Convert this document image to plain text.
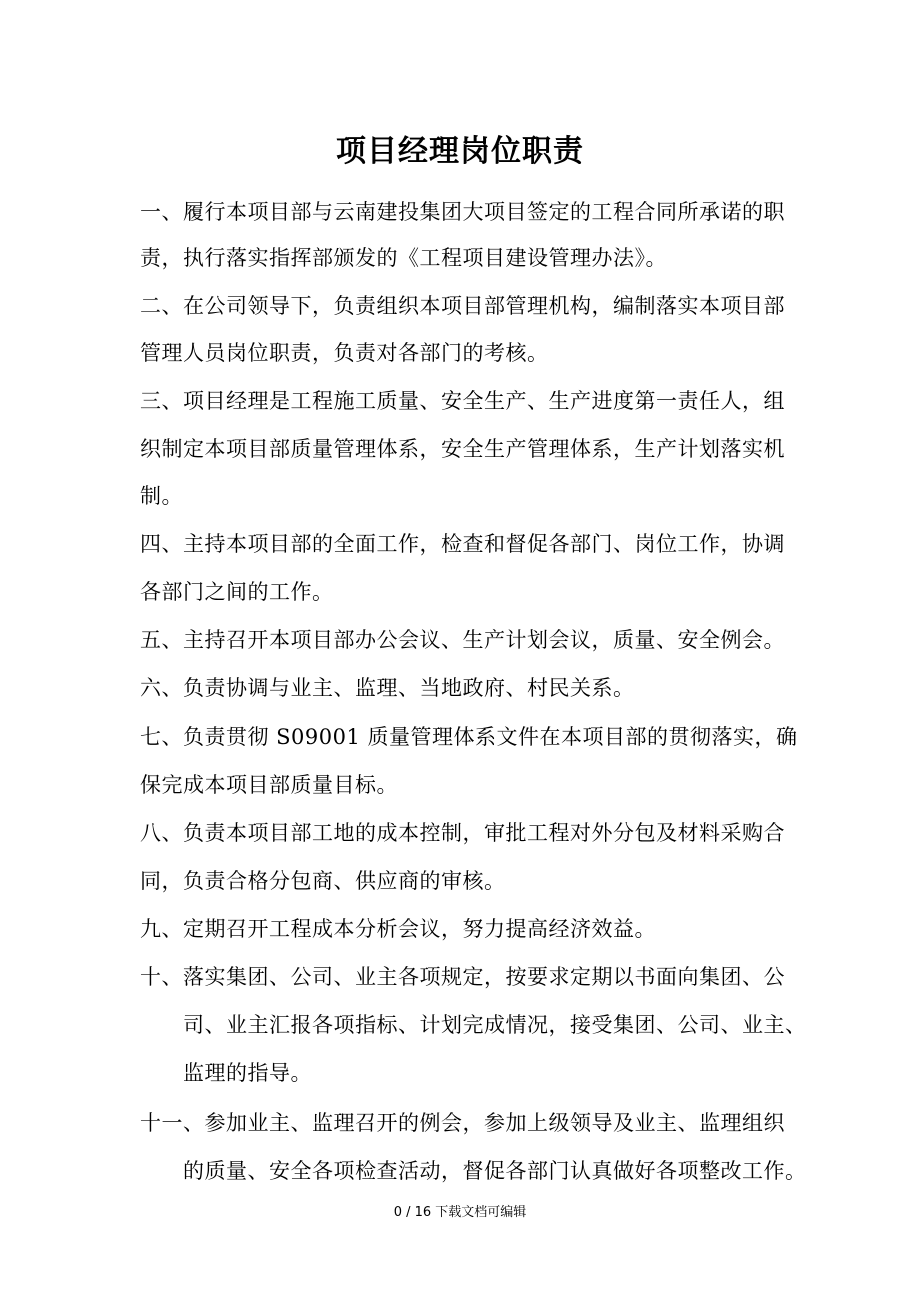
项目经理岗位职责
一、履行本项目部与云南建投集团大项目签定的工程合同所承诺的职
责，执行落实指挥部颁发的《工程项目建设管理办法》。
二、在公司领导下，负责组织本项目部管理机构，编制落实本项目部
管理人员岗位职责，负责对各部门的考核。
三、项目经理是工程施工质量、安全生产、生产进度第一责任人，组
织制定本项目部质量管理体系，安全生产管理体系，生产计划落实机
制。
四、主持本项目部的全面工作，检查和督促各部门、岗位工作，协调
各部门之间的工作。
五、主持召开本项目部办公会议、生产计划会议，质量、安全例会。
六、负责协调与业主、监理、当地政府、村民关系。
七、负责贯彻 S09001 质量管理体系文件在本项目部的贯彻落实，确
保完成本项目部质量目标。
八、负责本项目部工地的成本控制，审批工程对外分包及材料采购合
同，负责合格分包商、供应商的审核。
九、定期召开工程成本分析会议，努力提高经济效益。
十、落实集团、公司、业主各项规定，按要求定期以书面向集团、公
司、业主汇报各项指标、计划完成情况，接受集团、公司、业主、
监理的指导。
十一、参加业主、监理召开的例会，参加上级领导及业主、监理组织
的质量、安全各项检查活动，督促各部门认真做好各项整改工作。
0 / 16 下载文档可编辑
